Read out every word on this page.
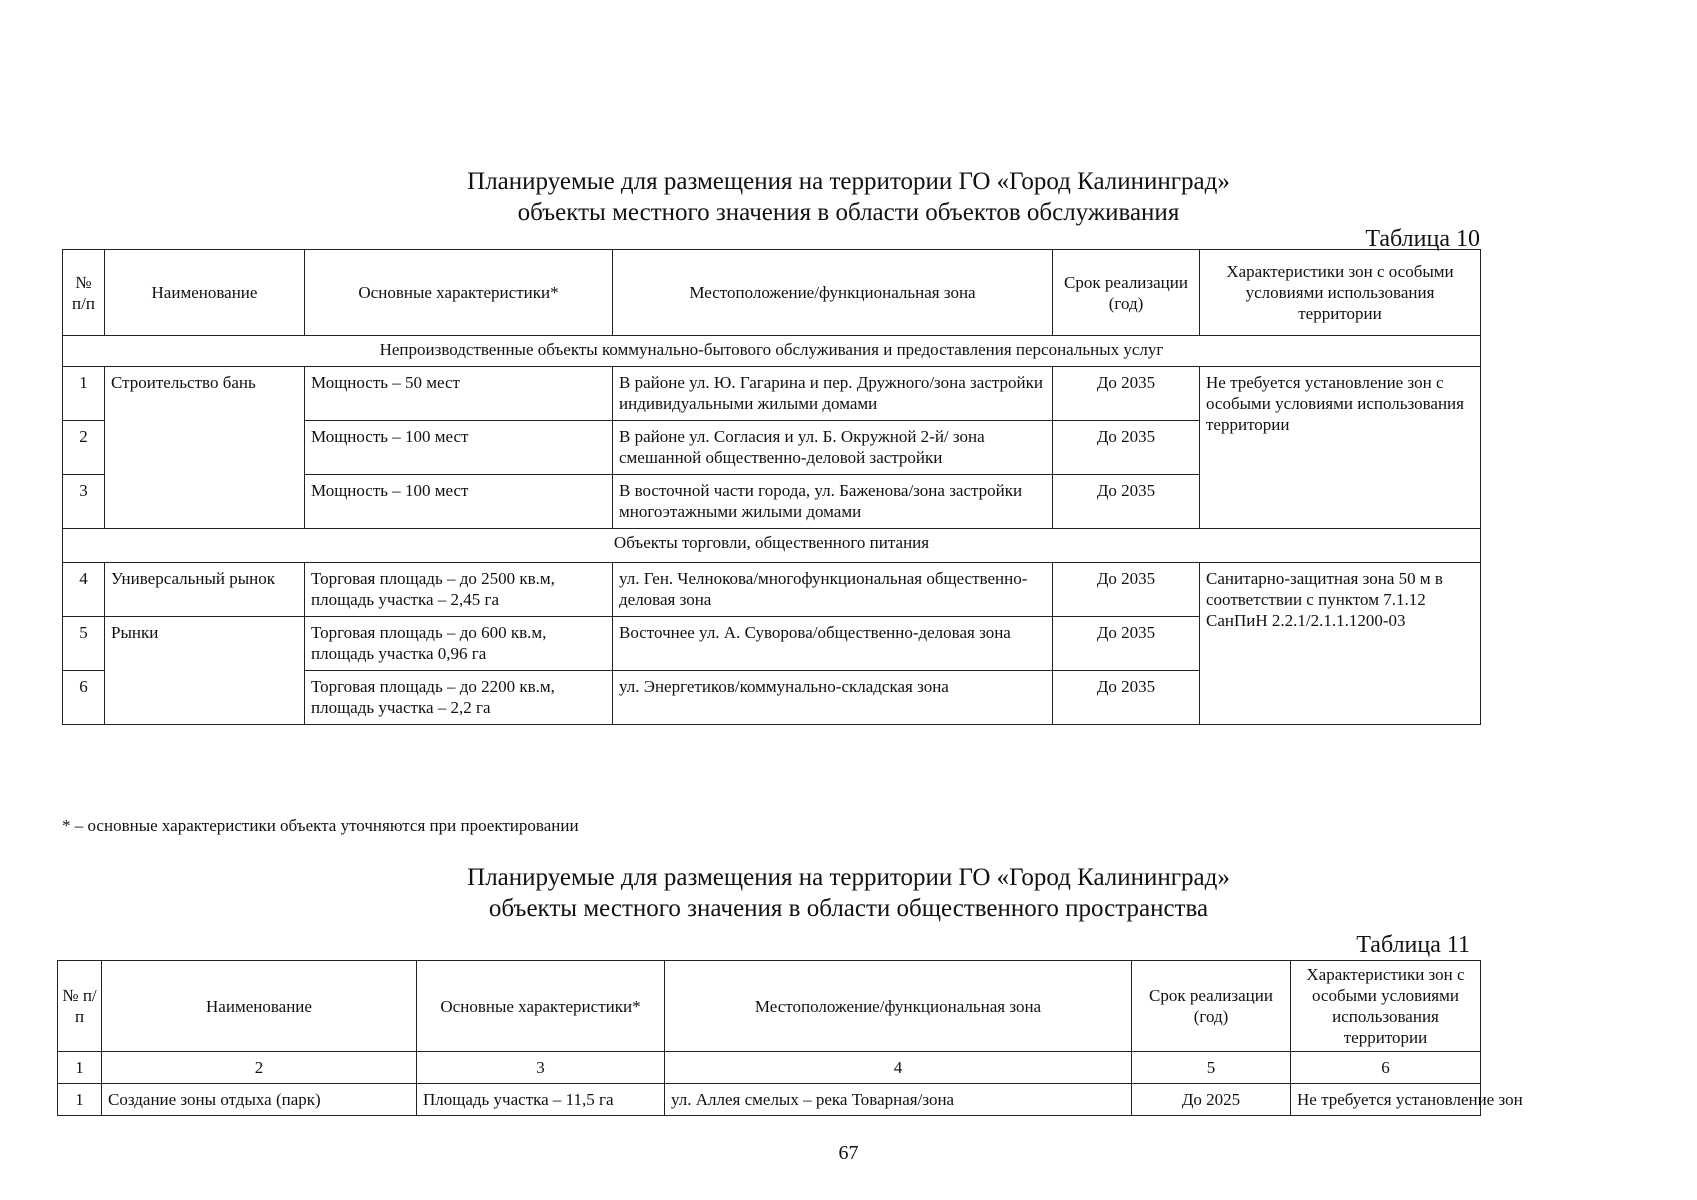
Планируемые для размещения на территории ГО «Город Калининград»
объекты местного значения в области объектов обслуживания
Таблица 10
№ п/п	Наименование	Основные характеристики*	Местоположение/функциональная зона	Срок реализации (год)	Характеристики зон с особыми условиями использования территории
Непроизводственные объекты коммунально-бытового обслуживания и предоставления персональных услуг					
1	Строительство бань	Мощность – 50 мест	В районе ул. Ю. Гагарина и пер. Дружного/зона застройки индивидуальными жилыми домами	До 2035	Не требуется установление зон с особыми условиями использования территории
2		Мощность – 100 мест	В районе ул. Согласия и ул. Б. Окружной 2-й/ зона смешанной общественно-деловой застройки	До 2035	
3		Мощность – 100 мест	В восточной части города, ул. Баженова/зона застройки многоэтажными жилыми домами	До 2035	
Объекты торговли, общественного питания					
4	Универсальный рынок	Торговая площадь – до 2500 кв.м, площадь участка – 2,45 га	ул. Ген. Челнокова/многофункциональная общественно-деловая зона	До 2035	Санитарно-защитная зона 50 м в соответствии с пунктом 7.1.12 СанПиН 2.2.1/2.1.1.1200-03
5	Рынки	Торговая площадь – до 600 кв.м, площадь участка 0,96 га	Восточнее ул. А. Суворова/общественно-деловая зона	До 2035	
6		Торговая площадь – до 2200 кв.м, площадь участка – 2,2 га	ул. Энергетиков/коммунально-складская зона	До 2035	
* – основные характеристики объекта уточняются при проектировании
Планируемые для размещения на территории ГО «Город Калининград»
объекты местного значения в области общественного пространства
Таблица 11
№ п/п	Наименование	Основные характеристики*	Местоположение/функциональная зона	Срок реализации (год)	Характеристики зон с особыми условиями использования территории
1	2	3	4	5	6
1	Создание зоны отдыха (парк)	Площадь участка – 11,5 га	ул. Аллея смелых – река Товарная/зона	До 2025	Не требуется установление зон
67
